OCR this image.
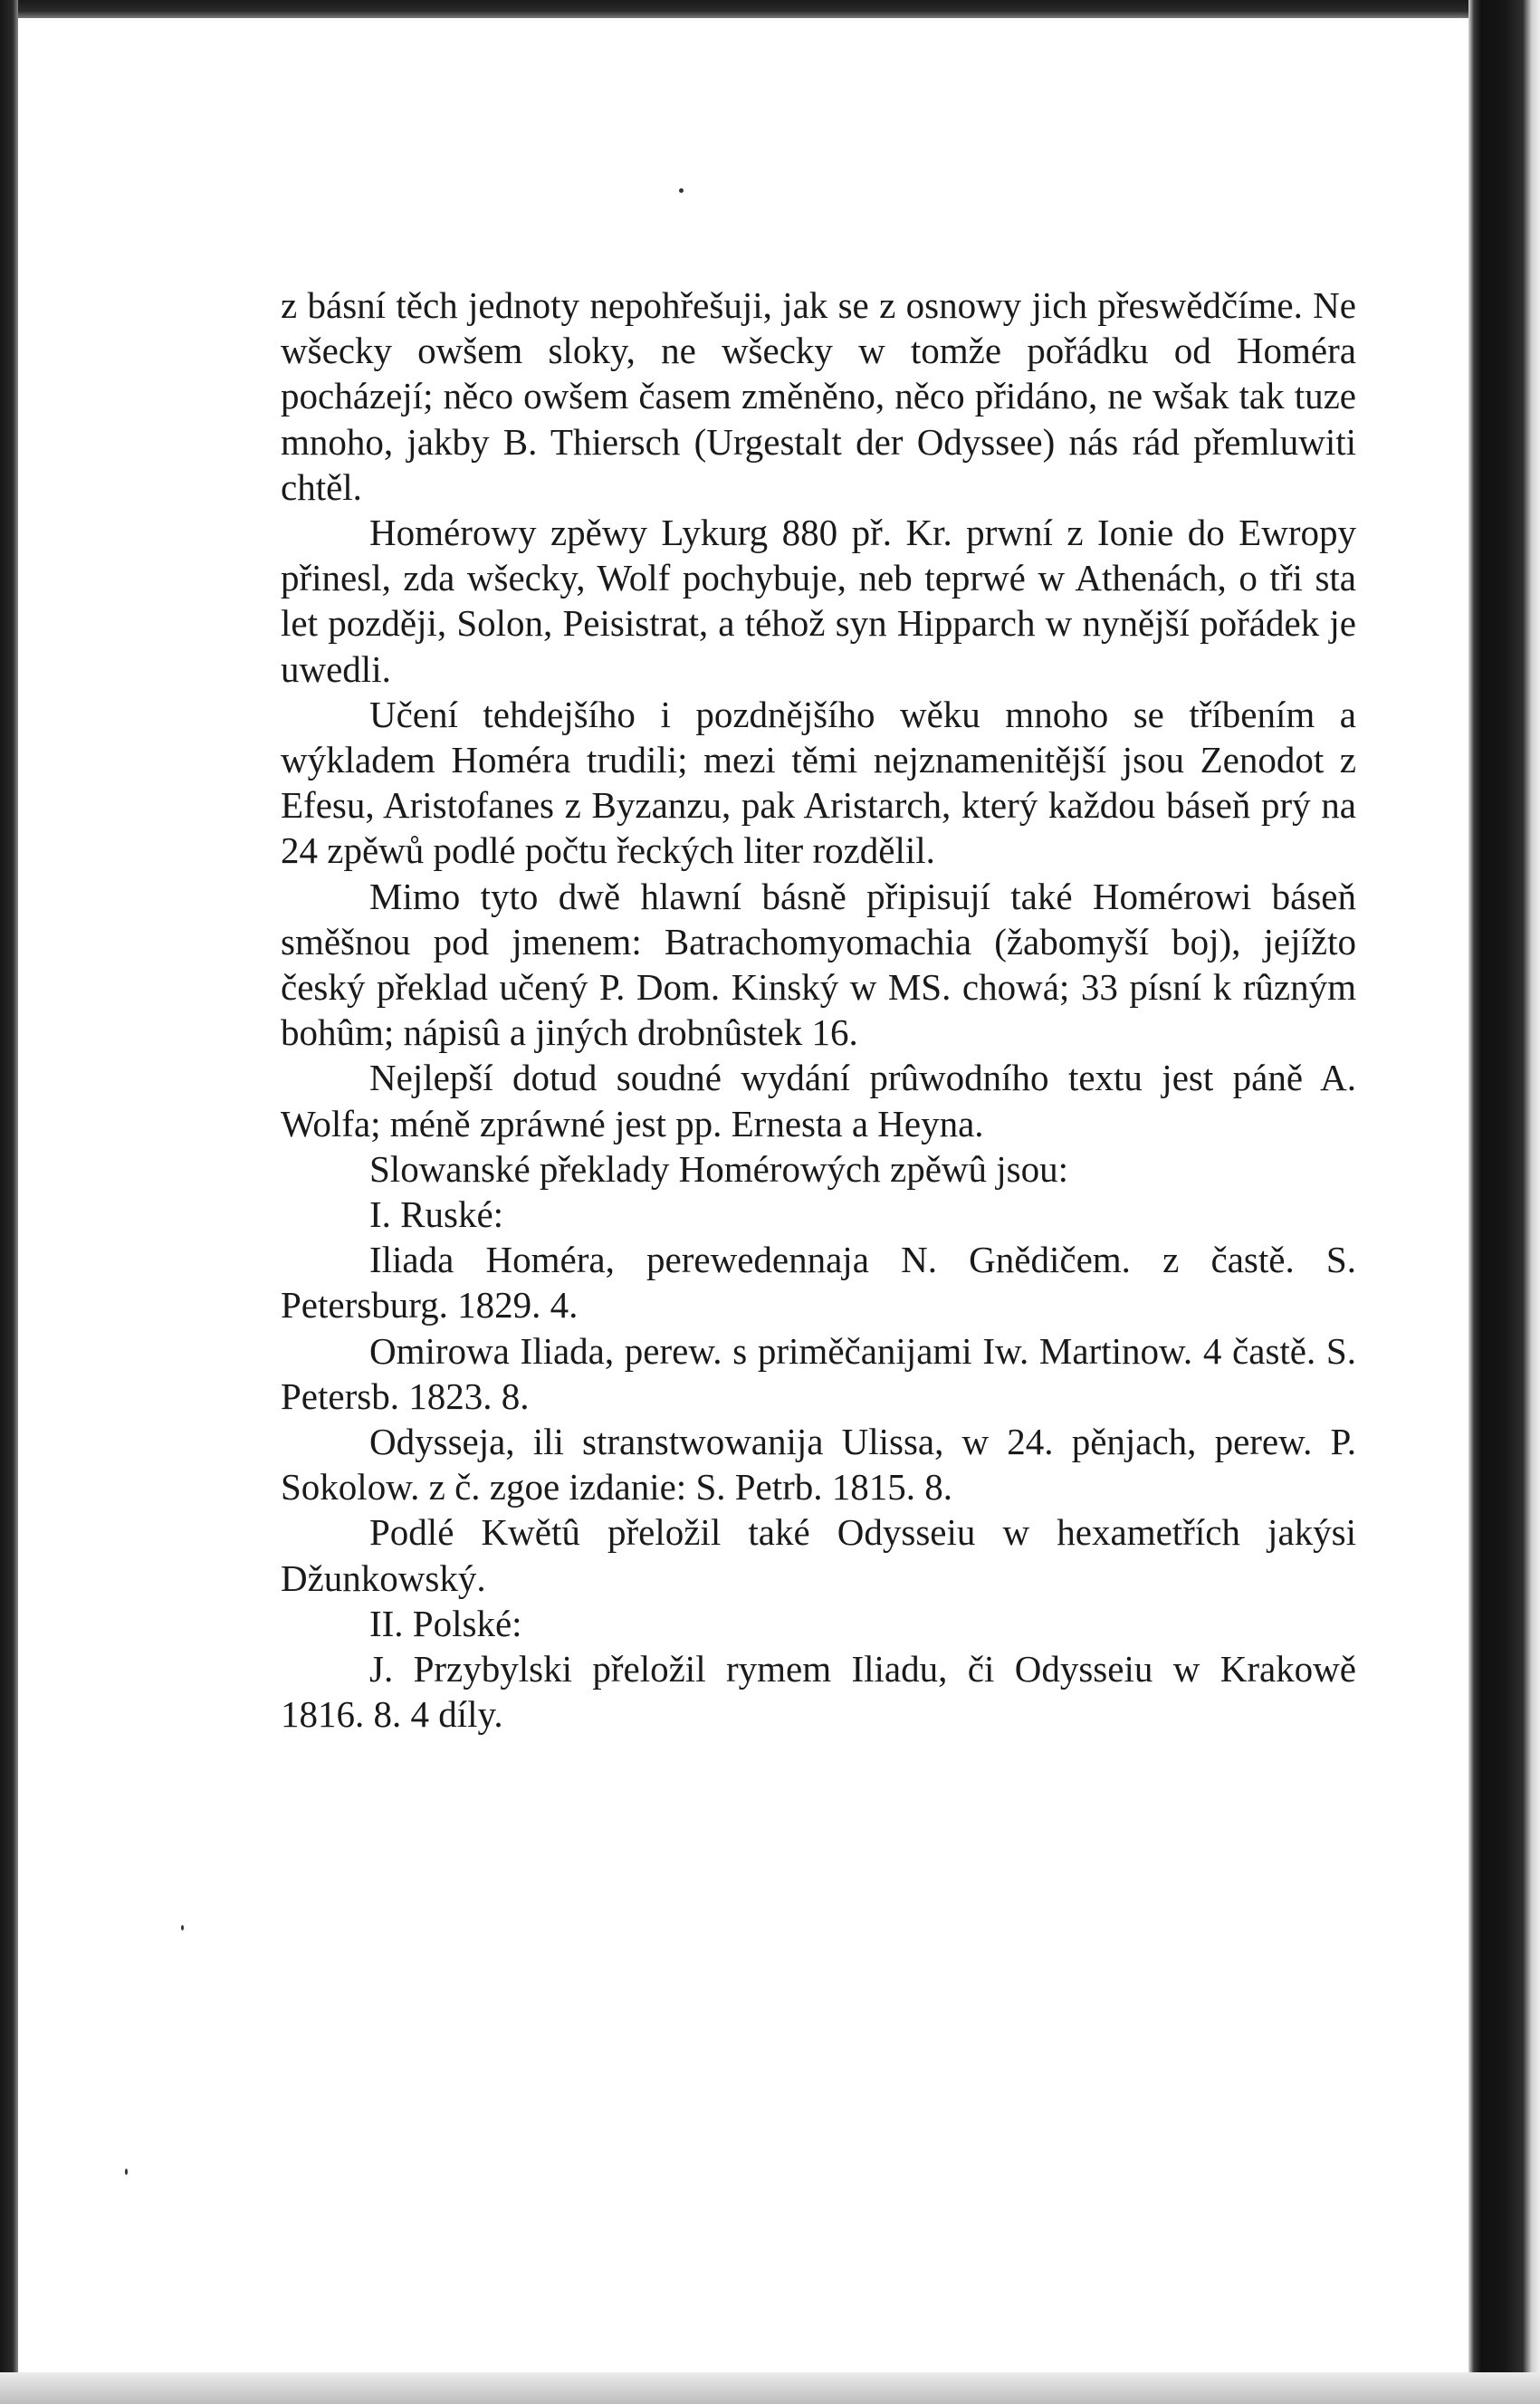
z básní těch jednoty nepohřešuji, jak se z osnowy jich přeswědčíme. Ne wšecky owšem sloky, ne wšecky w tomže pořádku od Homéra pocházejí; něco owšem časem změněno, něco přidáno, ne wšak tak tuze mnoho, jakby B. Thiersch (Urgestalt der Odyssee) nás rád přemluwiti chtěl.

Homérowy zpěwy Lykurg 880 př. Kr. prwní z Ionie do Ewropy přinesl, zda wšecky, Wolf pochybuje, neb teprwé w Athenách, o tři sta let později, Solon, Peisistrat, a téhož syn Hipparch w nynější pořádek je uwedli.

Učení tehdejšího i pozdnějšího wěku mnoho se tříbením a wýkladem Homéra trudili; mezi těmi nejznamenitější jsou Zenodot z Efesu, Aristofanes z Byzanzu, pak Aristarch, který každou báseň prý na 24 zpěwů podlé počtu řeckých liter rozdělil.

Mimo tyto dwě hlawní básně připisují také Homérowi báseň směšnou pod jmenem: Batrachomyomachia (žabomyší boj), jejížto český překlad učený P. Dom. Kinský w MS. chowá; 33 písní k rûzným bohûm; nápisû a jiných drobnûstek 16.

Nejlepší dotud soudné wydání prûwodního textu jest páně A. Wolfa; méně zpráwné jest pp. Ernesta a Heyna.

Slowanské překlady Homérowých zpěwû jsou:

I. Ruské:

Iliada Homéra, perewedennaja N. Gnědičem. z častě. S. Petersburg. 1829. 4.

Omirowa Iliada, perew. s priměčanijami Iw. Martinow. 4 častě. S. Petersb. 1823. 8.

Odysseja, ili stranstwowanija Ulissa, w 24. pěnjach, perew. P. Sokolow. z č. zgoe izdanie: S. Petrb. 1815. 8.

Podlé Kwětû přeložil také Odysseiu w hexametřích jakýsi Džunkowský.

II. Polské:

J. Przybylski přeložil rymem Iliadu, či Odysseiu w Krakowě 1816. 8. 4 díly.
